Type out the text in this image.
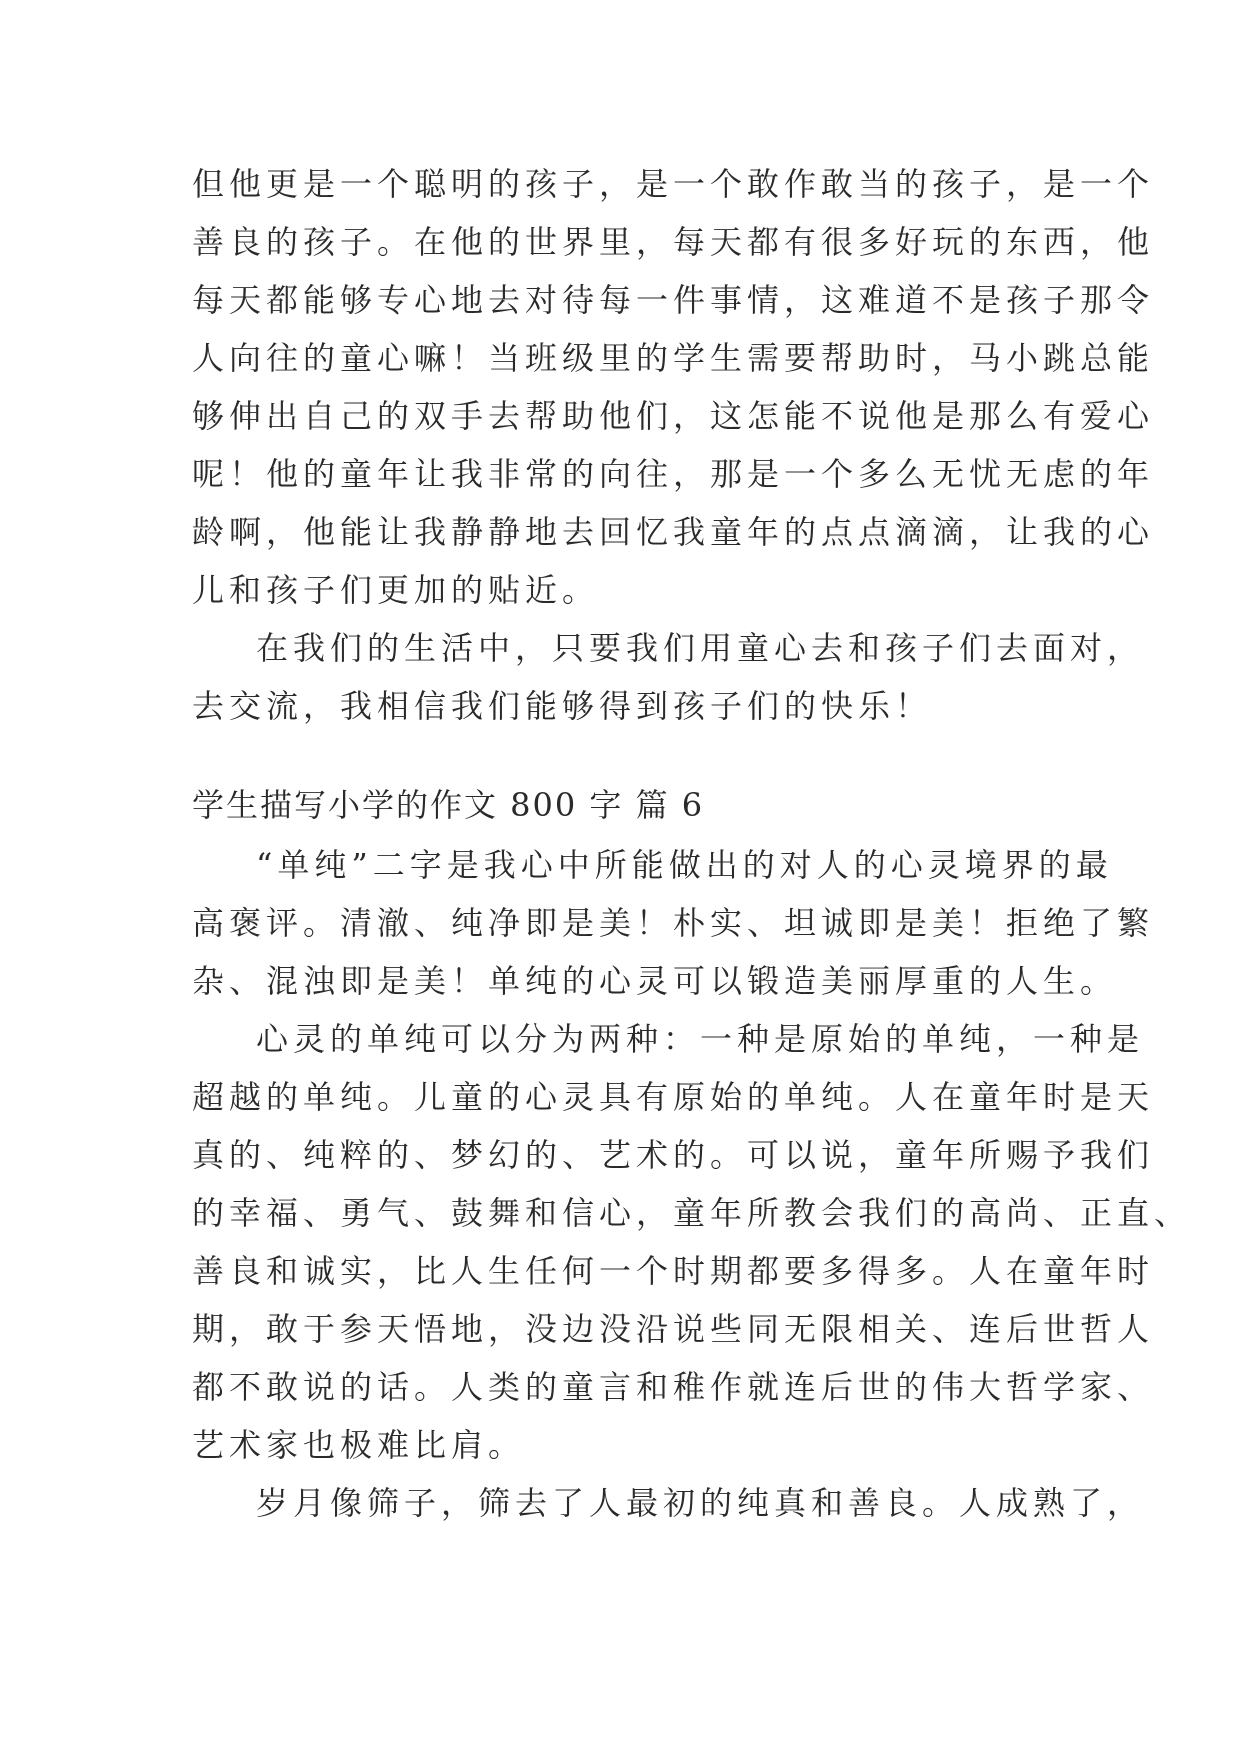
但他更是一个聪明的孩子，是一个敢作敢当的孩子，是一个
善良的孩子。在他的世界里，每天都有很多好玩的东西，他
每天都能够专心地去对待每一件事情，这难道不是孩子那令
人向往的童心嘛！当班级里的学生需要帮助时，马小跳总能
够伸出自己的双手去帮助他们，这怎能不说他是那么有爱心
呢！他的童年让我非常的向往，那是一个多么无忧无虑的年
龄啊，他能让我静静地去回忆我童年的点点滴滴，让我的心
儿和孩子们更加的贴近。
在我们的生活中，只要我们用童心去和孩子们去面对，
去交流，我相信我们能够得到孩子们的快乐！
学生描写小学的作文 800 字 篇 6
“单纯”二字是我心中所能做出的对人的心灵境界的最
高褒评。清澈、纯净即是美！朴实、坦诚即是美！拒绝了繁
杂、混浊即是美！单纯的心灵可以锻造美丽厚重的人生。
心灵的单纯可以分为两种：一种是原始的单纯，一种是
超越的单纯。儿童的心灵具有原始的单纯。人在童年时是天
真的、纯粹的、梦幻的、艺术的。可以说，童年所赐予我们
的幸福、勇气、鼓舞和信心，童年所教会我们的高尚、正直、
善良和诚实，比人生任何一个时期都要多得多。人在童年时
期，敢于参天悟地，没边没沿说些同无限相关、连后世哲人
都不敢说的话。人类的童言和稚作就连后世的伟大哲学家、
艺术家也极难比肩。
岁月像筛子，筛去了人最初的纯真和善良。人成熟了，
